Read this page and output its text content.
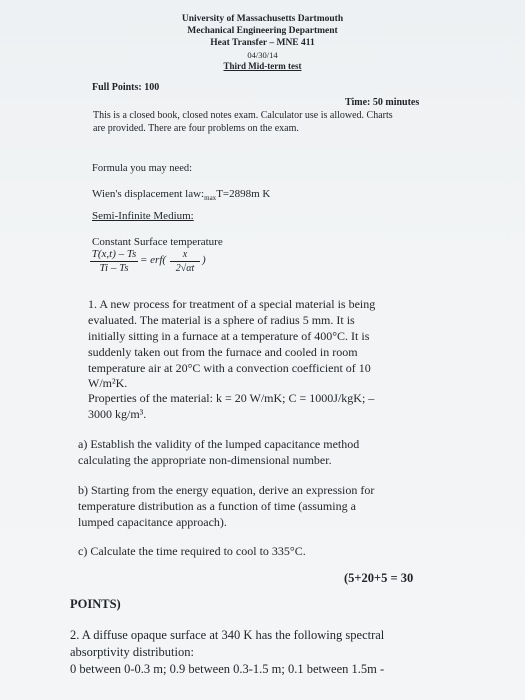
University of Massachusetts Dartmouth
Mechanical Engineering Department
Heat Transfer – MNE 411
04/30/14
Third Mid-term test
Full Points: 100
Time: 50 minutes
This is a closed book, closed notes exam. Calculator use is allowed. Charts are provided. There are four problems on the exam.
Formula you may need:
Wien's displacement $law:_{max}T=2898m$ K
Semi-Infinite Medium:
Constant Surface temperature
$\frac{T(x,t) - Ts}{Ti - Ts} = erf( \frac{x}{2√\alpha t}$ )
1. A new process for treatment of a special material is being
evaluated. The material is a sphere of radius 5 mm. It is
initially sitting in a furnace at a temperature of 400°C. It is
suddenly taken out from the furnace and cooled in room
temperature air at 20°C with a convection coefficient of 10
W/m²K.
Properties of the material: k = 20 W/mK; C = 1000J/kgK; –
3000 kg/m³.
a) Establish the validity of the lumped capacitance method
calculating the appropriate non-dimensional number.
b) Starting from the energy equation, derive an expression for
temperature distribution as a function of time (assuming a
lumped capacitance approach).
c) Calculate the time required to cool to 335°C.
(5+20+5 = 30
POINTS)
2. A diffuse opaque surface at 340 K has the following spectral
absorptivity distribution:
0 between 0-0.3 m; 0.9 between 0.3-1.5 m; 0.1 between 1.5m -
